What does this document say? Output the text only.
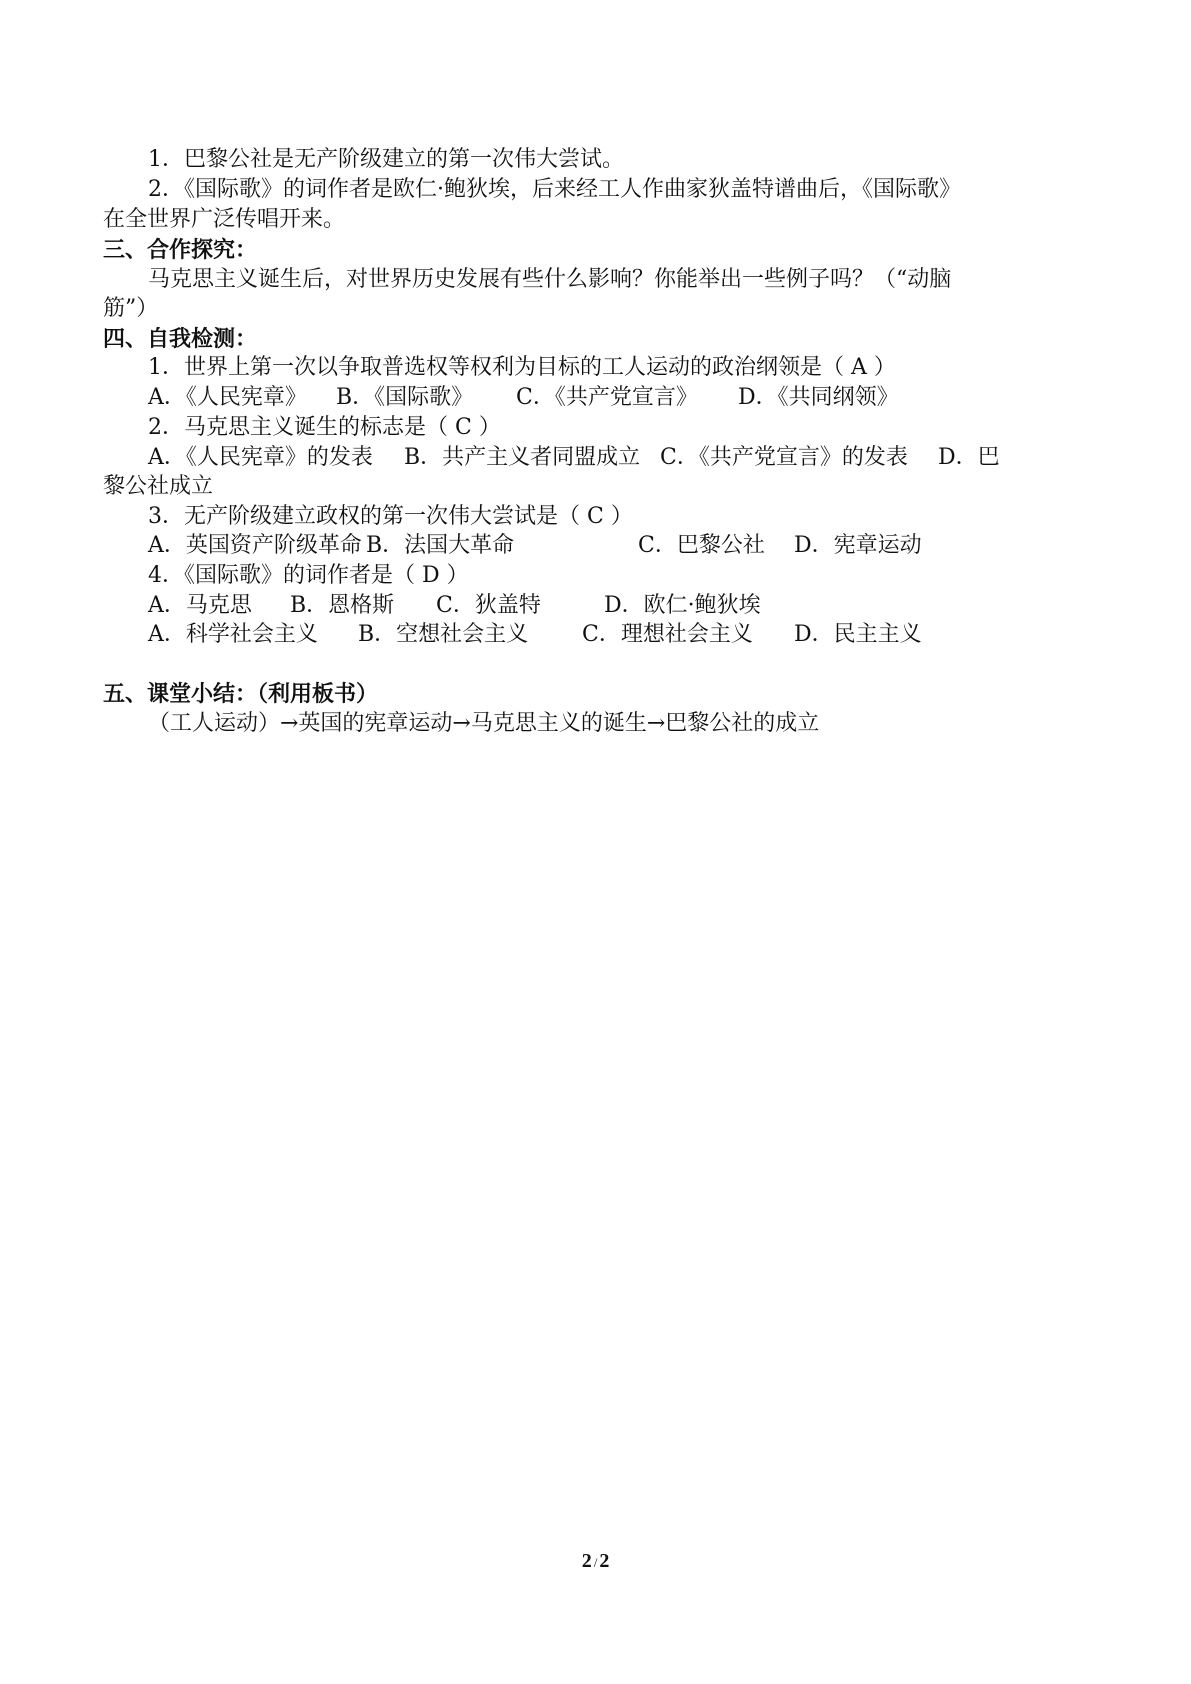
1．巴黎公社是无产阶级建立的第一次伟大尝试。
2．《国际歌》的词作者是欧仁·鲍狄埃，后来经工人作曲家狄盖特谱曲后，《国际歌》
在全世界广泛传唱开来。
三、合作探究：
马克思主义诞生后，对世界历史发展有些什么影响？你能举出一些例子吗？（“动脑
筋”）
四、自我检测：
1．世界上第一次以争取普选权等权利为目标的工人运动的政治纲领是（ A ）
A．《人民宪章》 B．《国际歌》 C．《共产党宣言》 D．《共同纲领》
2．马克思主义诞生的标志是（ C ）
A．《人民宪章》的发表 B．共产主义者同盟成立 C．《共产党宣言》的发表 D．巴
黎公社成立
3．无产阶级建立政权的第一次伟大尝试是（ C ）
A．英国资产阶级革命 B．法国大革命	C．巴黎公社 D．宪章运动
4．《国际歌》的词作者是（ D ）
A．马克思 B．恩格斯 C．狄盖特	D．欧仁·鲍狄埃
A．科学社会主义 B．空想社会主义 C．理想社会主义 D．民主主义
五、课堂小结：（利用板书）
（工人运动）→英国的宪章运动→马克思主义的诞生→巴黎公社的成立
2 / 2
